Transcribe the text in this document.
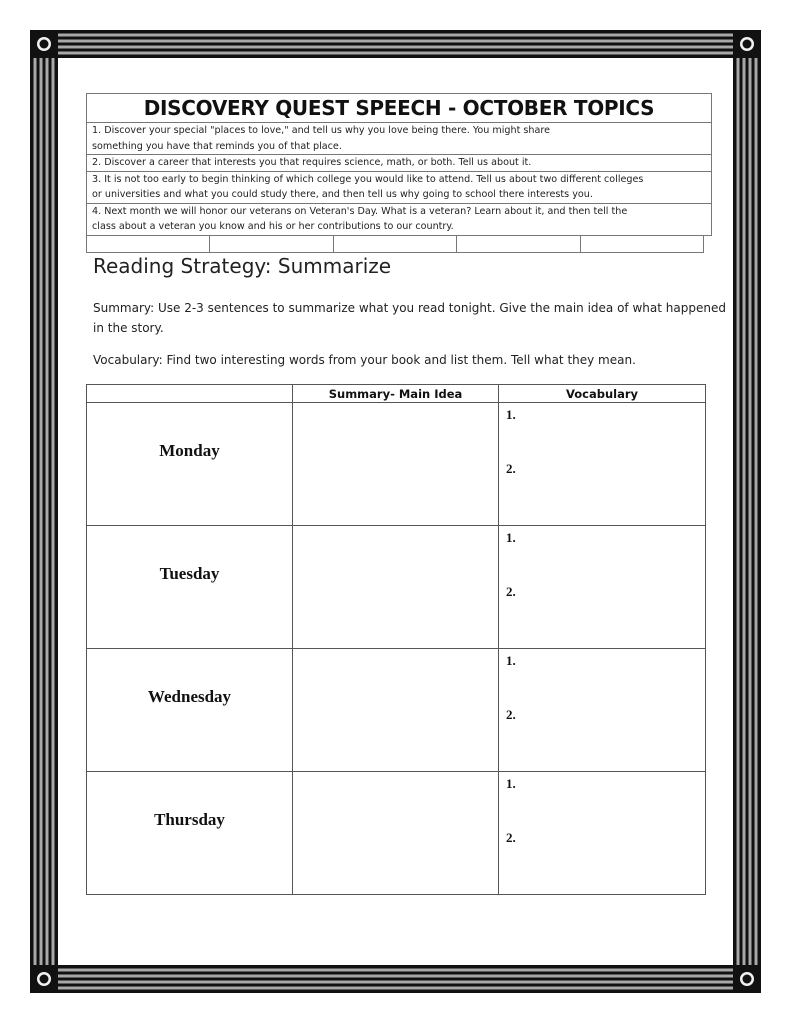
DISCOVERY QUEST SPEECH - OCTOBER TOPICS
1. Discover your special "places to love," and tell us why you love being there. You might share
something you have that reminds you of that place.
2. Discover a career that interests you that requires science, math, or both. Tell us about it.
3. It is not too early to begin thinking of which college you would like to attend. Tell us about two different colleges
or universities and what you could study there, and then tell us why going to school there interests you.
4. Next month we will honor our veterans on Veteran's Day. What is a veteran? Learn about it, and then tell the
class about a veteran you know and his or her contributions to our country.
Reading Strategy: Summarize
Summary: Use 2-3 sentences to summarize what you read tonight. Give the main idea of what happened
in the story.
Vocabulary: Find two interesting words from your book and list them. Tell what they mean.
	Summary- Main Idea	Vocabulary

Monday		1.
2.

Tuesday		1.
2.

Wednesday		1.
2.

Thursday		1.
2.
